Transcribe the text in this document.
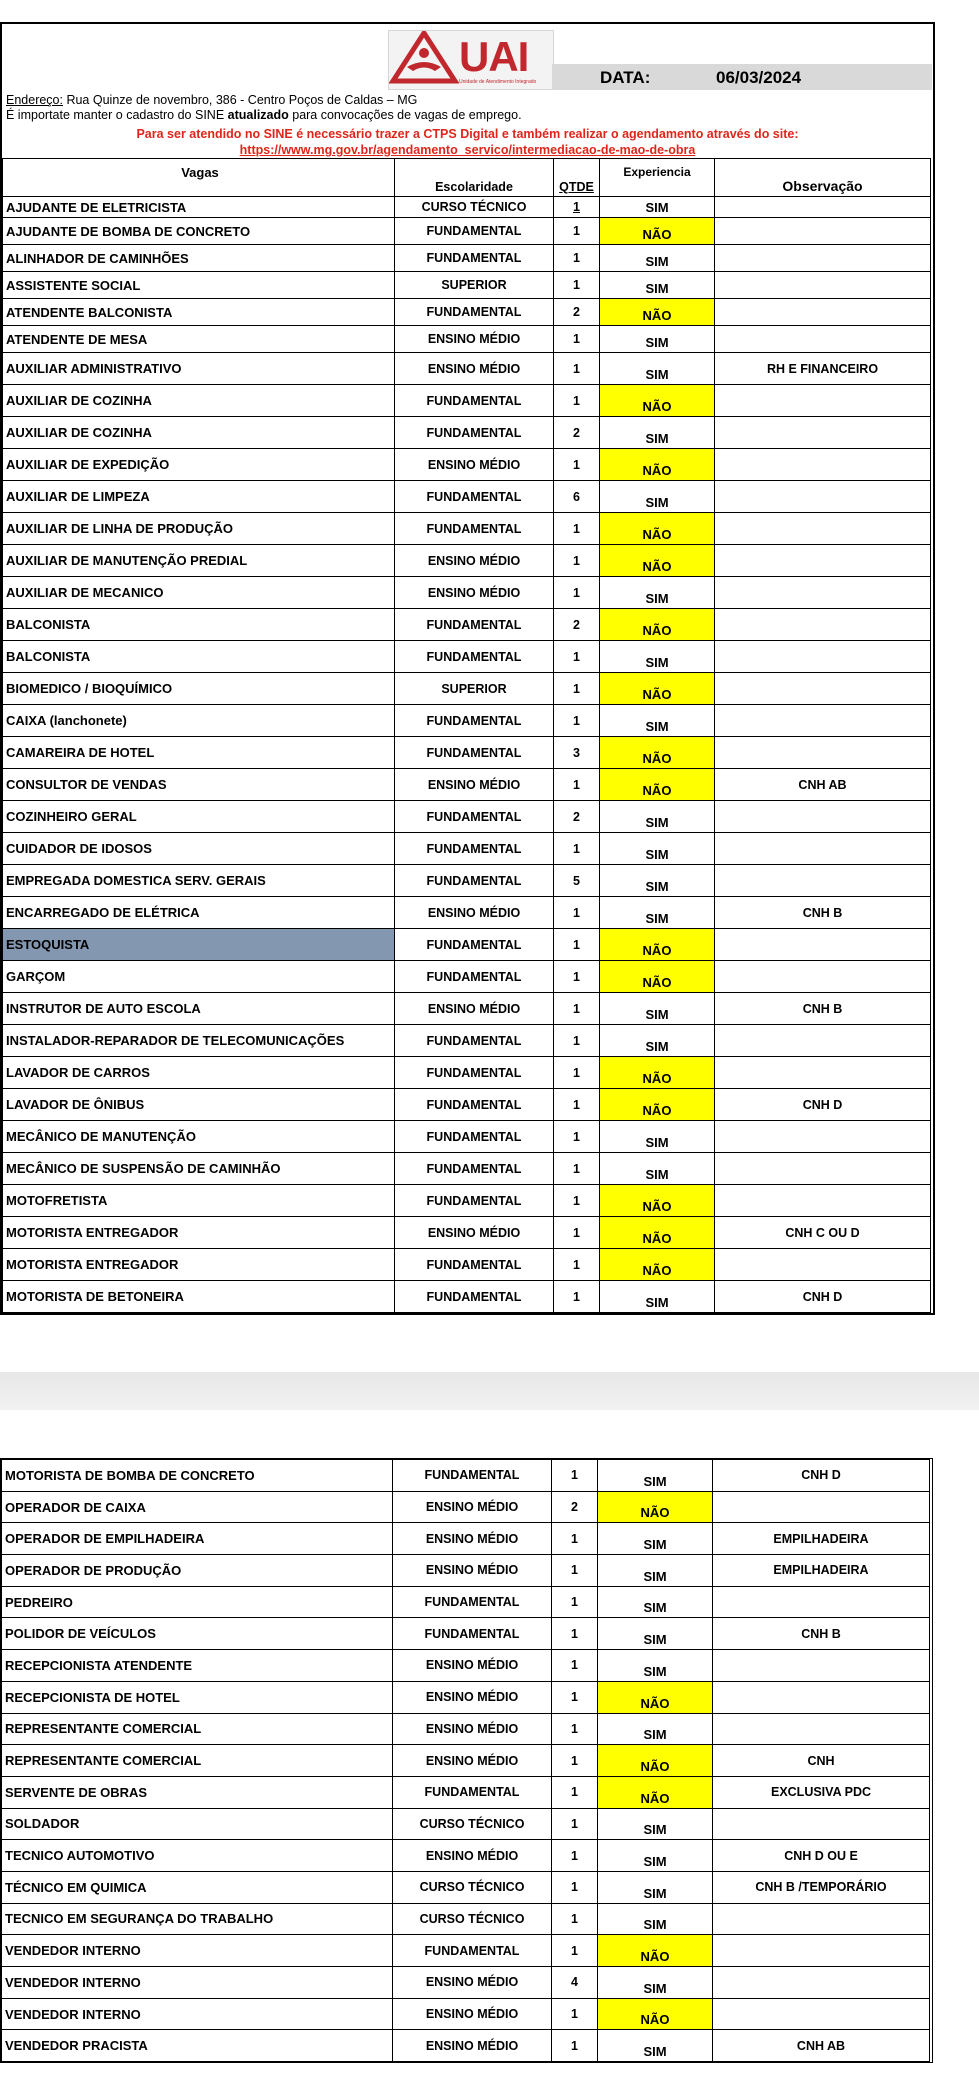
UAI
Unidade de Atendimento Integrado	DATA:	06/03/2024
Endereço: Rua Quinze de novembro, 386 - Centro Poços de Caldas – MG
É importate manter o cadastro do SINE atualizado para convocações de vagas de emprego.
Para ser atendido no SINE é necessário trazer a CTPS Digital e também realizar o agendamento através do site:
https://www.mg.gov.br/agendamento_servico/intermediacao-de-mao-de-obra
Vagas	Escolaridade	QTDE	Experiencia	Observação
AJUDANTE DE ELETRICISTA	CURSO TÉCNICO	1	SIM	
AJUDANTE DE BOMBA DE CONCRETO	FUNDAMENTAL	1	NÃO	
ALINHADOR DE CAMINHÕES	FUNDAMENTAL	1	SIM	
ASSISTENTE SOCIAL	SUPERIOR	1	SIM	
ATENDENTE BALCONISTA	FUNDAMENTAL	2	NÃO	
ATENDENTE DE MESA	ENSINO MÉDIO	1	SIM	
AUXILIAR ADMINISTRATIVO	ENSINO MÉDIO	1	SIM	RH E FINANCEIRO
AUXILIAR DE COZINHA	FUNDAMENTAL	1	NÃO	
AUXILIAR DE COZINHA	FUNDAMENTAL	2	SIM	
AUXILIAR DE EXPEDIÇÃO	ENSINO MÉDIO	1	NÃO	
AUXILIAR DE LIMPEZA	FUNDAMENTAL	6	SIM	
AUXILIAR DE LINHA DE PRODUÇÃO	FUNDAMENTAL	1	NÃO	
AUXILIAR DE MANUTENÇÃO PREDIAL	ENSINO MÉDIO	1	NÃO	
AUXILIAR DE MECANICO	ENSINO MÉDIO	1	SIM	
BALCONISTA	FUNDAMENTAL	2	NÃO	
BALCONISTA	FUNDAMENTAL	1	SIM	
BIOMEDICO / BIOQUÍMICO	SUPERIOR	1	NÃO	
CAIXA (lanchonete)	FUNDAMENTAL	1	SIM	
CAMAREIRA DE HOTEL	FUNDAMENTAL	3	NÃO	
CONSULTOR DE VENDAS	ENSINO MÉDIO	1	NÃO	CNH AB
COZINHEIRO GERAL	FUNDAMENTAL	2	SIM	
CUIDADOR DE IDOSOS	FUNDAMENTAL	1	SIM	
EMPREGADA DOMESTICA SERV. GERAIS	FUNDAMENTAL	5	SIM	
ENCARREGADO DE ELÉTRICA	ENSINO MÉDIO	1	SIM	CNH B
ESTOQUISTA	FUNDAMENTAL	1	NÃO	
GARÇOM	FUNDAMENTAL	1	NÃO	
INSTRUTOR DE AUTO ESCOLA	ENSINO MÉDIO	1	SIM	CNH B
INSTALADOR-REPARADOR DE TELECOMUNICAÇÕES	FUNDAMENTAL	1	SIM	
LAVADOR DE CARROS	FUNDAMENTAL	1	NÃO	
LAVADOR DE ÔNIBUS	FUNDAMENTAL	1	NÃO	CNH D
MECÂNICO DE MANUTENÇÃO	FUNDAMENTAL	1	SIM	
MECÂNICO DE SUSPENSÃO DE CAMINHÃO	FUNDAMENTAL	1	SIM	
MOTOFRETISTA	FUNDAMENTAL	1	NÃO	
MOTORISTA ENTREGADOR	ENSINO MÉDIO	1	NÃO	CNH C OU D
MOTORISTA ENTREGADOR	FUNDAMENTAL	1	NÃO	
MOTORISTA DE BETONEIRA	FUNDAMENTAL	1	SIM	CNH D
MOTORISTA DE BOMBA DE CONCRETO	FUNDAMENTAL	1	SIM	CNH D
OPERADOR DE CAIXA	ENSINO MÉDIO	2	NÃO	
OPERADOR DE EMPILHADEIRA	ENSINO MÉDIO	1	SIM	EMPILHADEIRA
OPERADOR DE PRODUÇÃO	ENSINO MÉDIO	1	SIM	EMPILHADEIRA
PEDREIRO	FUNDAMENTAL	1	SIM	
POLIDOR DE VEÍCULOS	FUNDAMENTAL	1	SIM	CNH B
RECEPCIONISTA ATENDENTE	ENSINO MÉDIO	1	SIM	
RECEPCIONISTA DE HOTEL	ENSINO MÉDIO	1	NÃO	
REPRESENTANTE COMERCIAL	ENSINO MÉDIO	1	SIM	
REPRESENTANTE COMERCIAL	ENSINO MÉDIO	1	NÃO	CNH
SERVENTE DE OBRAS	FUNDAMENTAL	1	NÃO	EXCLUSIVA PDC
SOLDADOR	CURSO TÉCNICO	1	SIM	
TECNICO AUTOMOTIVO	ENSINO MÉDIO	1	SIM	CNH D OU E
TÉCNICO EM QUIMICA	CURSO TÉCNICO	1	SIM	CNH B /TEMPORÁRIO
TECNICO EM SEGURANÇA DO TRABALHO	CURSO TÉCNICO	1	SIM	
VENDEDOR INTERNO	FUNDAMENTAL	1	NÃO	
VENDEDOR INTERNO	ENSINO MÉDIO	4	SIM	
VENDEDOR INTERNO	ENSINO MÉDIO	1	NÃO	
VENDEDOR PRACISTA	ENSINO MÉDIO	1	SIM	CNH AB
